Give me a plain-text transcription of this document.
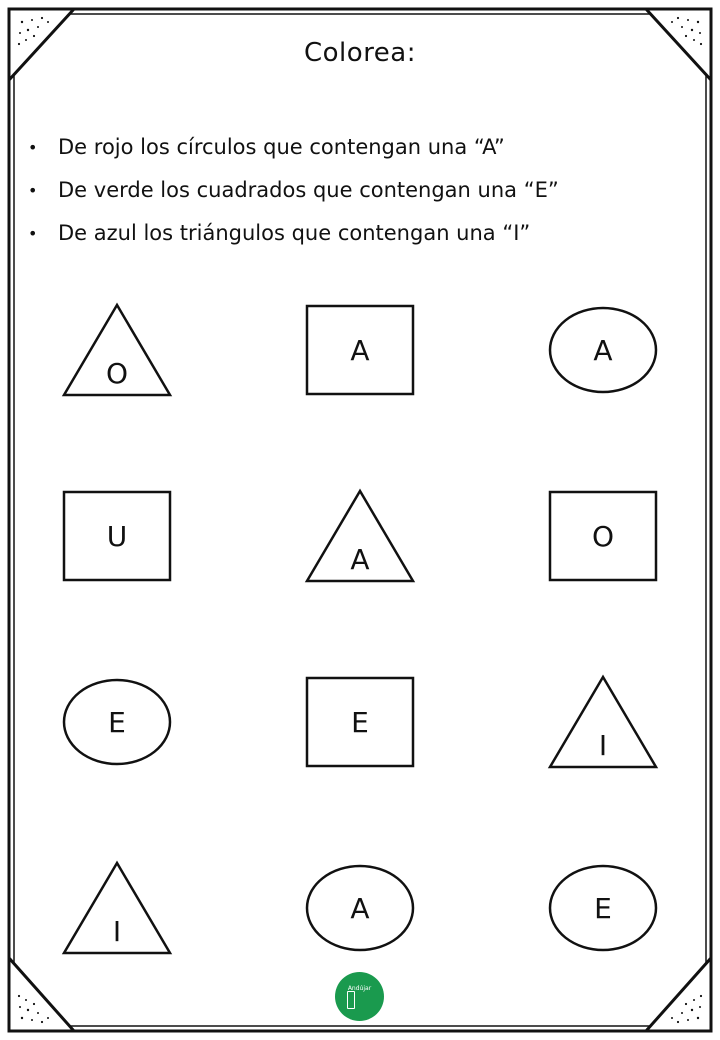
O
A	A
U
A
O
E	E
I
I
A	E
Colorea:
• De rojo los círculos que contengan una “A”
• De verde los cuadrados que contengan una “E”
• De azul los triángulos que contengan una “I”
Andújar
